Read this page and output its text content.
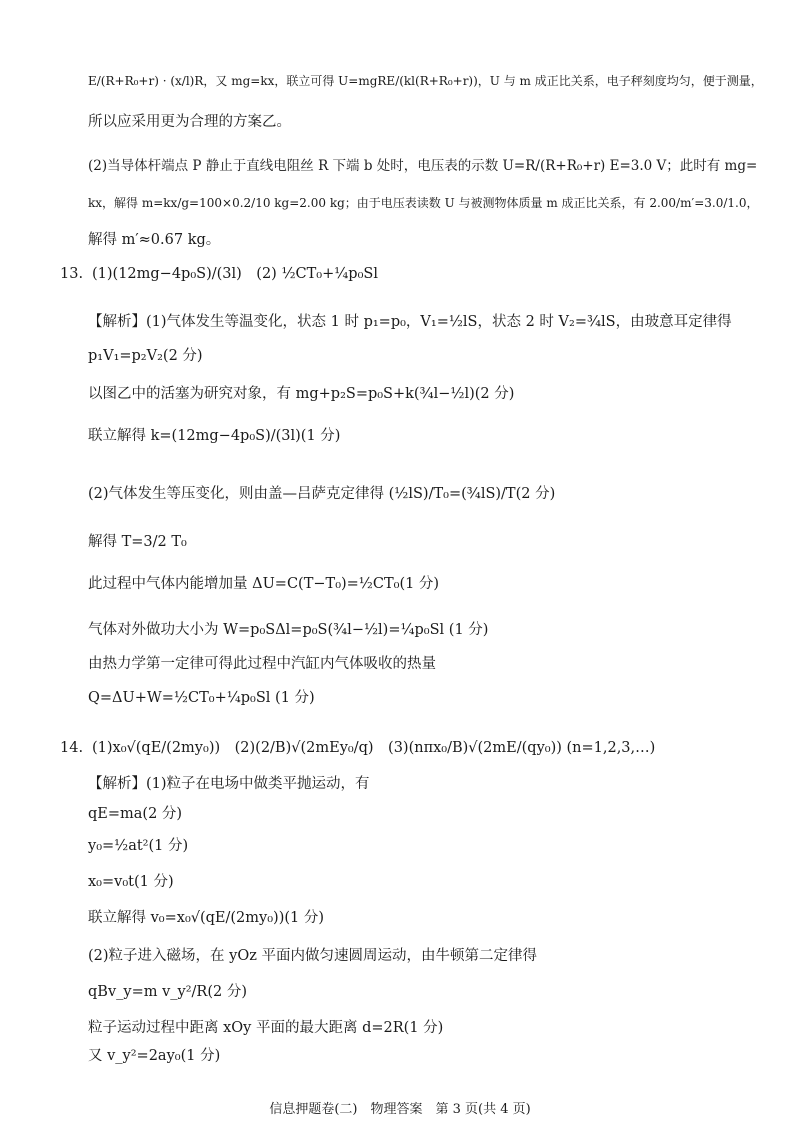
E/(R+R₀+r) · (x/l)R，又 mg=kx，联立可得 U=mgRE/(kl(R+R₀+r))，U 与 m 成正比关系，电子秤刻度均匀，便于测量，
所以应采用更为合理的方案乙。
(2)当导体杆端点 P 静止于直线电阻丝 R 下端 b 处时，电压表的示数 U=R/(R+R₀+r) E=3.0 V；此时有 mg=
kx，解得 m=kx/g=100×0.2/10 kg=2.00 kg；由于电压表读数 U 与被测物体质量 m 成正比关系，有 2.00/m′=3.0/1.0，
解得 m′≈0.67 kg。
13. (1)(12mg−4p₀S)/(3l)　(2) ½CT₀+¼p₀Sl
【解析】(1)气体发生等温变化，状态 1 时 p₁=p₀，V₁=½lS，状态 2 时 V₂=¾lS，由玻意耳定律得
p₁V₁=p₂V₂(2 分)
以图乙中的活塞为研究对象，有 mg+p₂S=p₀S+k(¾l−½l)(2 分)
联立解得 k=(12mg−4p₀S)/(3l)(1 分)
(2)气体发生等压变化，则由盖—吕萨克定律得 (½lS)/T₀=(¾lS)/T(2 分)
解得 T=3/2 T₀
此过程中气体内能增加量 ΔU=C(T−T₀)=½CT₀(1 分)
气体对外做功大小为 W=p₀SΔl=p₀S(¾l−½l)=¼p₀Sl (1 分)
由热力学第一定律可得此过程中汽缸内气体吸收的热量
Q=ΔU+W=½CT₀+¼p₀Sl (1 分)
14. (1)x₀√(qE/(2my₀))　(2)(2/B)√(2mEy₀/q)　(3)(nπx₀/B)√(2mE/(qy₀)) (n=1,2,3,…)
【解析】(1)粒子在电场中做类平抛运动，有
qE=ma(2 分)
y₀=½at²(1 分)
x₀=v₀t(1 分)
联立解得 v₀=x₀√(qE/(2my₀))(1 分)
(2)粒子进入磁场，在 yOz 平面内做匀速圆周运动，由牛顿第二定律得
qBv_y=m v_y²/R(2 分)
粒子运动过程中距离 xOy 平面的最大距离 d=2R(1 分)
又 v_y²=2ay₀(1 分)
信息押题卷(二)　物理答案　第 3 页(共 4 页)
